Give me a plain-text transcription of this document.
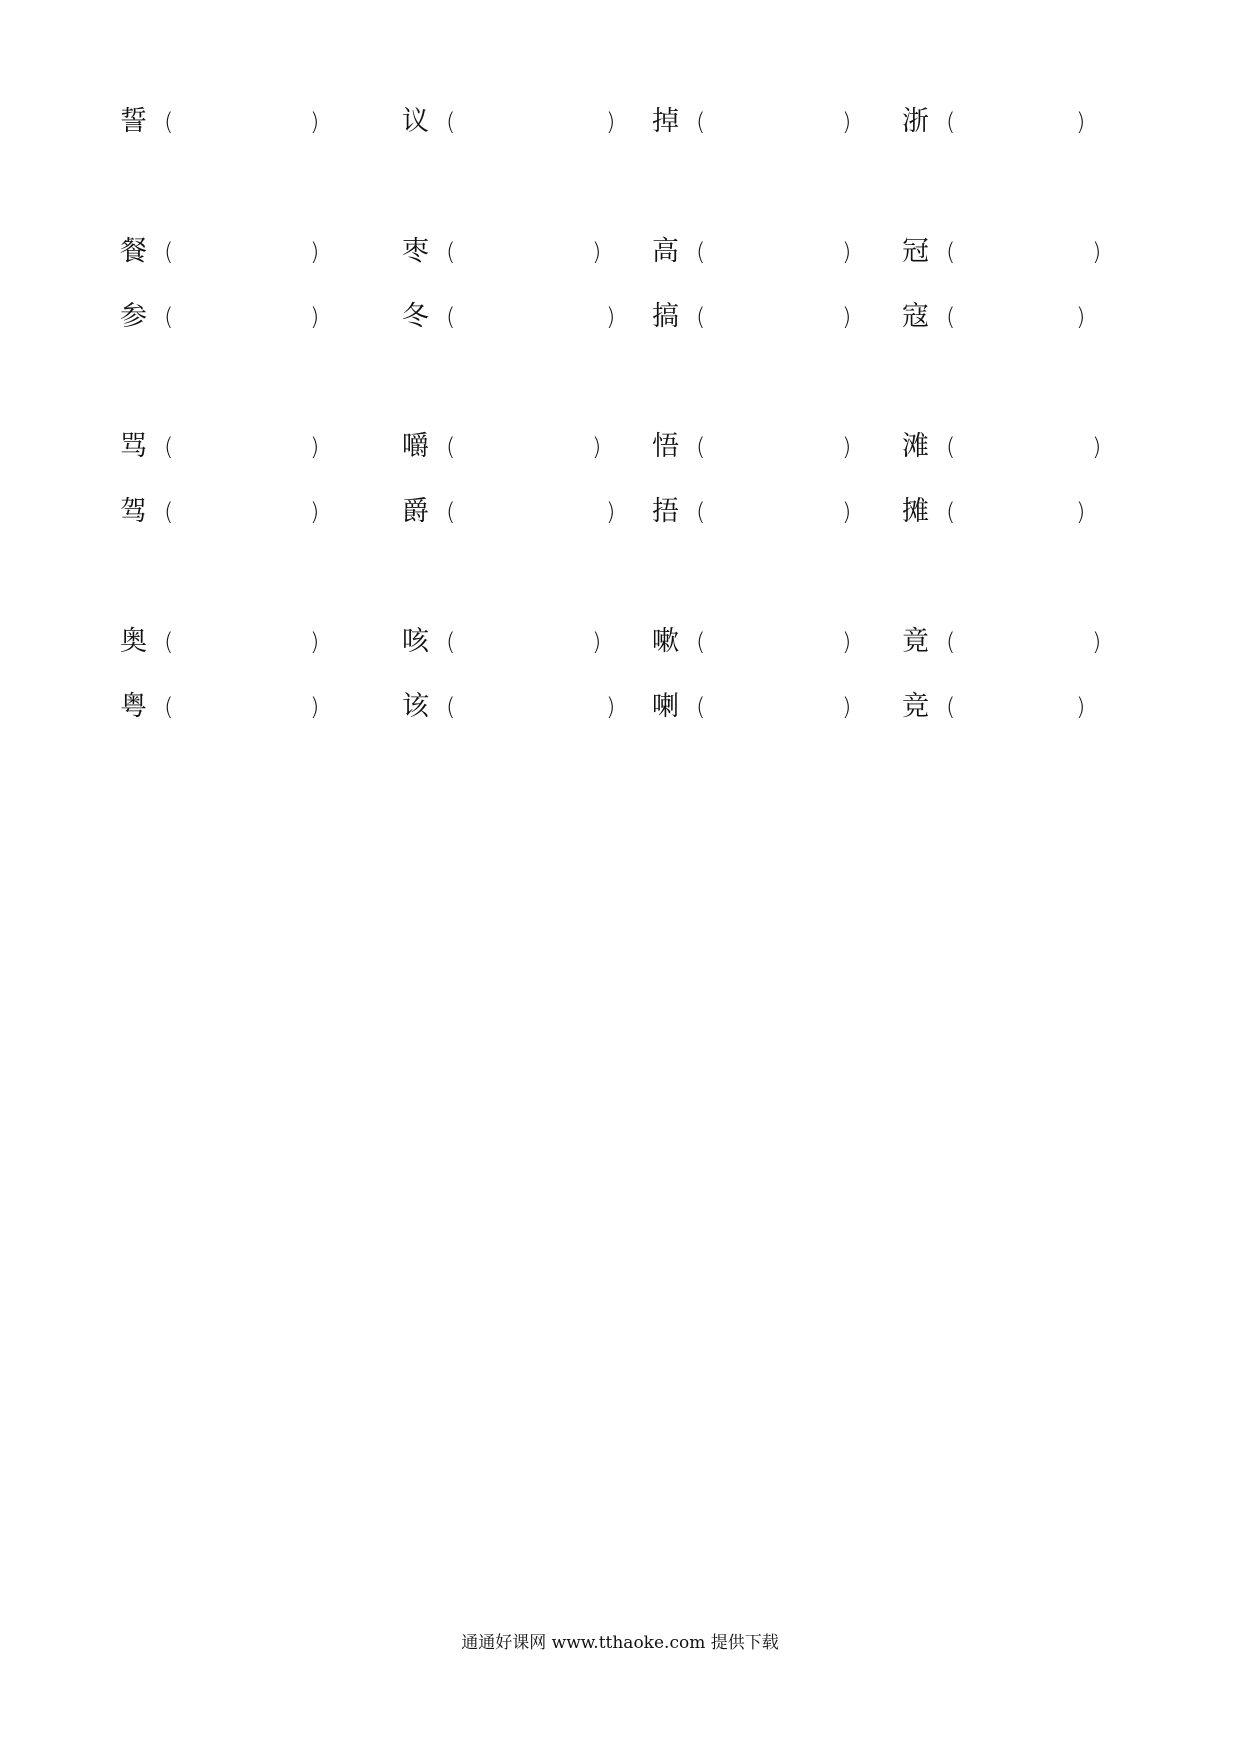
誓 (	)	议 (	) 掉 (	) 浙 (	)
餐 (	)	枣 (	) 高 (	) 冠 (	)
参 (	)	冬 (	) 搞 (	) 寇 (	)
骂 (	)	嚼 (	) 悟 (	) 滩 (	)
驾 (	)	爵 (	) 捂 (	) 摊 (	)
奥 (	)	咳 (	) 嗽 (	) 竟 (	)
粤 (	)	该 (	) 喇 (	) 竞 (	)
通通好课网 www.tthaoke.com 提供下载
